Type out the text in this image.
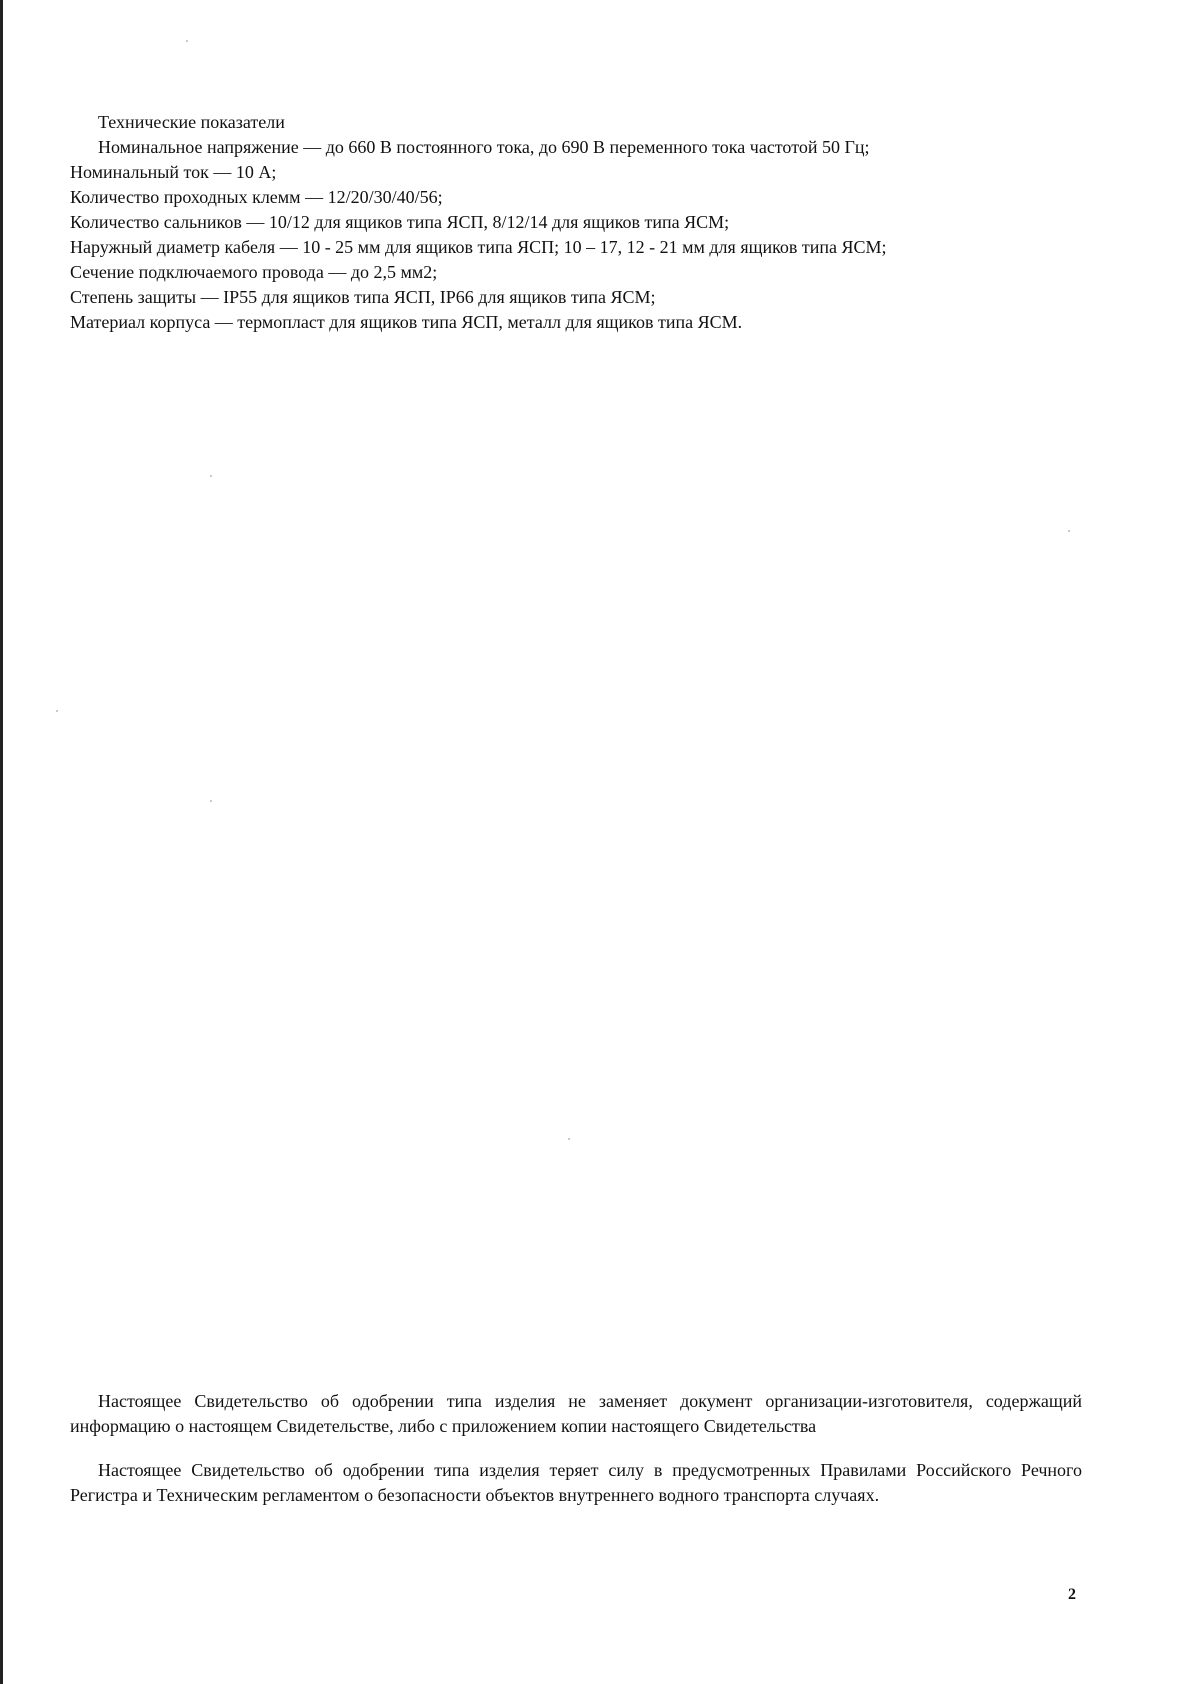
Технические показатели
Номинальное напряжение — до 660 В постоянного тока, до 690 В переменного тока частотой 50 Гц;
Номинальный ток — 10 А;
Количество проходных клемм — 12/20/30/40/56;
Количество сальников — 10/12 для ящиков типа ЯСП, 8/12/14 для ящиков типа ЯСМ;
Наружный диаметр кабеля — 10 - 25 мм для ящиков типа ЯСП; 10 – 17, 12 - 21 мм для ящиков типа ЯСМ;
Сечение подключаемого провода — до 2,5 мм2;
Степень защиты — IP55 для ящиков типа ЯСП, IP66 для ящиков типа ЯСМ;
Материал корпуса — термопласт для ящиков типа ЯСП, металл для ящиков типа ЯСМ.

Настоящее Свидетельство об одобрении типа изделия не заменяет документ организации-изготовителя, содержащий информацию о настоящем Свидетельстве, либо с приложением копии настоящего Свидетельства

Настоящее Свидетельство об одобрении типа изделия теряет силу в предусмотренных Правилами Российского Речного Регистра и Техническим регламентом о безопасности объектов внутреннего водного транспорта случаях.

2
